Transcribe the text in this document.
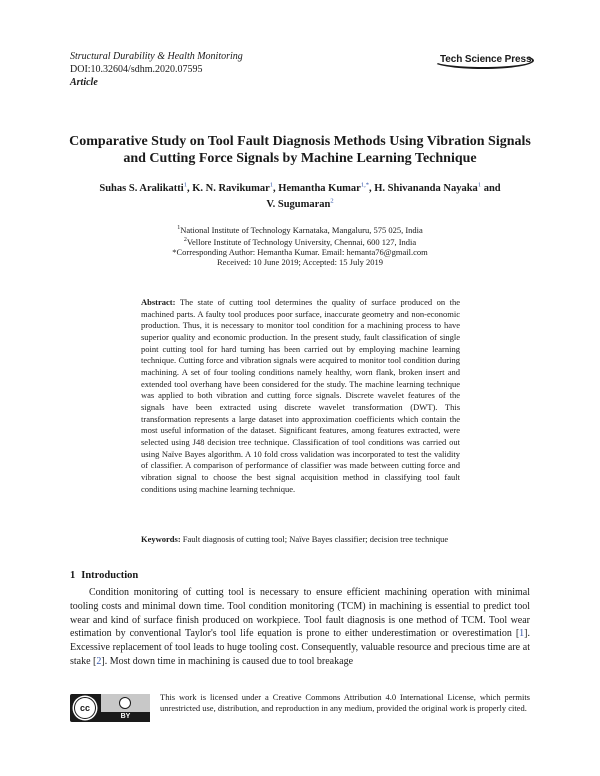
Structural Durability & Health Monitoring
DOI:10.32604/sdhm.2020.07595
Article
Tech Science Press
Comparative Study on Tool Fault Diagnosis Methods Using Vibration Signals
and Cutting Force Signals by Machine Learning Technique
Suhas S. Aralikatti$^1$, K. N. Ravikumar$^1$, Hemantha Kumar$^{1,*}$, H. Shivananda Nayaka$^1$ and
V. Sugumaran$^2$
$^1$National Institute of Technology Karnataka, Mangaluru, 575 025, India
$^2$Vellore Institute of Technology University, Chennai, 600 127, India
*Corresponding Author: Hemantha Kumar. Email: hemanta76@gmail.com
Received: 10 June 2019; Accepted: 15 July 2019
Abstract: The state of cutting tool determines the quality of surface produced on the machined parts. A faulty tool produces poor surface, inaccurate geometry and non-economic production. Thus, it is necessary to monitor tool condition for a machining process to have superior quality and economic production. In the present study, fault classification of single point cutting tool for hard turning has been carried out by employing machine learning technique. Cutting force and vibration signals were acquired to monitor tool condition during machining. A set of four tooling conditions namely healthy, worn flank, broken insert and extended tool overhang have been considered for the study. The machine learning technique was applied to both vibration and cutting force signals. Discrete wavelet features of the signals have been extracted using discrete wavelet transformation (DWT). This transformation represents a large dataset into approximation coefficients which contain the most useful information of the dataset. Significant features, among features extracted, were selected using J48 decision tree technique. Classification of tool conditions was carried out using Naïve Bayes algorithm. A 10 fold cross validation was incorporated to test the validity of classifier. A comparison of performance of classifier was made between cutting force and vibration signal to choose the best signal acquisition method in classifying tool fault conditions using machine learning technique.
Keywords: Fault diagnosis of cutting tool; Naïve Bayes classifier; decision tree technique
1 Introduction
Condition monitoring of cutting tool is necessary to ensure efficient machining operation with minimal tooling costs and minimal down time. Tool condition monitoring (TCM) in machining is essential to predict tool wear and kind of surface finish produced on workpiece. Tool fault diagnosis is one method of TCM. Tool wear estimation by conventional Taylor's tool life equation is prone to either underestimation or overestimation [1]. Excessive replacement of tool leads to huge tooling cost. Consequently, valuable resource and precious time are at stake [2]. Most down time in machining is caused due to tool breakage
cc
BY
This work is licensed under a Creative Commons Attribution 4.0 International License, which permits unrestricted use, distribution, and reproduction in any medium, provided the original work is properly cited.
